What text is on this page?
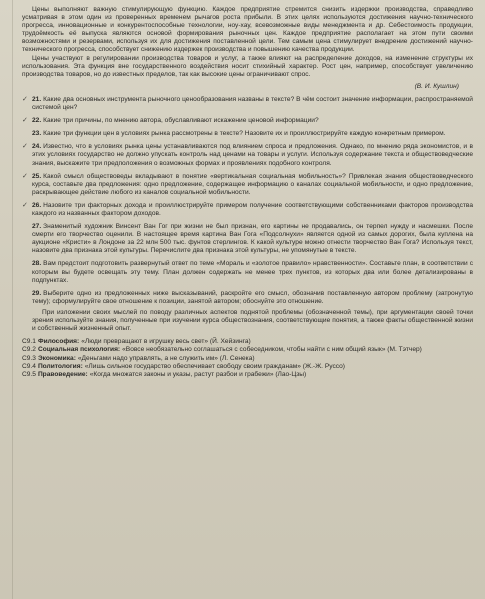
Цены выполняют важную стимулирующую функцию. Каждое предприятие стремится снизить издержки производства, справедливо усматривая в этом один из проверенных временем рычагов роста прибыли. В этих целях используются достижения научно-технического прогресса, инновационные и конкурентоспособные технологии, ноу-хау, всевозможные виды менеджмента и др. Себестоимость продукции, трудоёмкость её выпуска являются основой формирования рыночных цен. Каждое предприятие располагает на этом пути своими возможностями и резервами, используя их для достижения поставленной цели. Тем самым цена стимулирует внедрение достижений научно-технического прогресса, способствует снижению издержек производства и повышению качества продукции.

Цены участвуют в регулировании производства товаров и услуг, а также влияют на распределение доходов, на изменение структуры их использования. Эта функция вне государственного воздействия носит стихийный характер. Рост цен, например, способствует увеличению производства товаров, но до известных пределов, так как высокие цены ограничивают спрос.

(В. И. Кушлин)
✓ 21. Какие два основных инструмента рыночного ценообразования названы в тексте? В чём состоит значение информации, распространяемой системой цен?
✓ 22. Какие три причины, по мнению автора, обуславливают искажение ценовой информации?
23. Какие три функции цен в условиях рынка рассмотрены в тексте? Назовите их и проиллюстрируйте каждую конкретным примером.
✓ 24. Известно, что в условиях рынка цены устанавливаются под влиянием спроса и предложения. Однако, по мнению ряда экономистов, и в этих условиях государство не должно упускать контроль над ценами на товары и услуги. Используя содержание текста и обществоведческие знания, выскажите три предположения о возможных формах и проявлениях подобного контроля.
✓ 25. Какой смысл обществоведы вкладывают в понятие «вертикальная социальная мобильность»? Привлекая знания обществоведческого курса, составьте два предложения: одно предложение, содержащее информацию о каналах социальной мобильности, и одно предложение, раскрывающее действие любого из каналов социальной мобильности.
✓ 26. Назовите три факторных дохода и проиллюстрируйте примером получение соответствующими собственниками факторов производства каждого из названных фактором доходов.
27. Знаменитый художник Винсент Ван Гог при жизни не был признан, его картины не продавались, он терпел нужду и насмешки. После смерти его творчество оценили. В настоящее время картина Ван Гога «Подсолнухи» является одной из самых дорогих, была куплена на аукционе «Кристи» в Лондоне за 22 млн 500 тыс. фунтов стерлингов. К какой культуре можно отнести творчество Ван Гога? Используя текст, назовите два признака этой культуры. Перечислите два признака этой культуры, не упомянутые в тексте.
28. Вам предстоит подготовить развернутый ответ по теме «Мораль и «золотое правило» нравственности». Составьте план, в соответствии с которым вы будете освещать эту тему. План должен содержать не менее трех пунктов, из которых два или более детализированы в подпунктах.
29. Выберите одно из предложенных ниже высказываний, раскройте его смысл, обозначив поставленную автором проблему (затронутую тему); сформулируйте свое отношение к позиции, занятой автором; обоснуйте это отношение.

При изложении своих мыслей по поводу различных аспектов поднятой проблемы (обозначенной темы), при аргументации своей точки зрения используйте знания, полученные при изучении курса обществознания, соответствующие понятия, а также факты общественной жизни и собственный жизненный опыт.

С9.1 Философия: «Люди превращают в игрушку весь свет» (Й. Хейзинга)

С9.2 Социальная психология: «Вовсе необязательно соглашаться с собеседником, чтобы найти с ним общий язык» (М. Тэтчер)

С9.3 Экономика: «Деньгами надо управлять, а не служить им» (Л. Сенека)

С9.4 Политология: «Лишь сильное государство обеспечивает свободу своим гражданам» (Ж.-Ж. Руссо)

С9.5 Правоведение: «Когда множатся законы и указы, растут разбои и грабежи» (Лао-Цзы)
